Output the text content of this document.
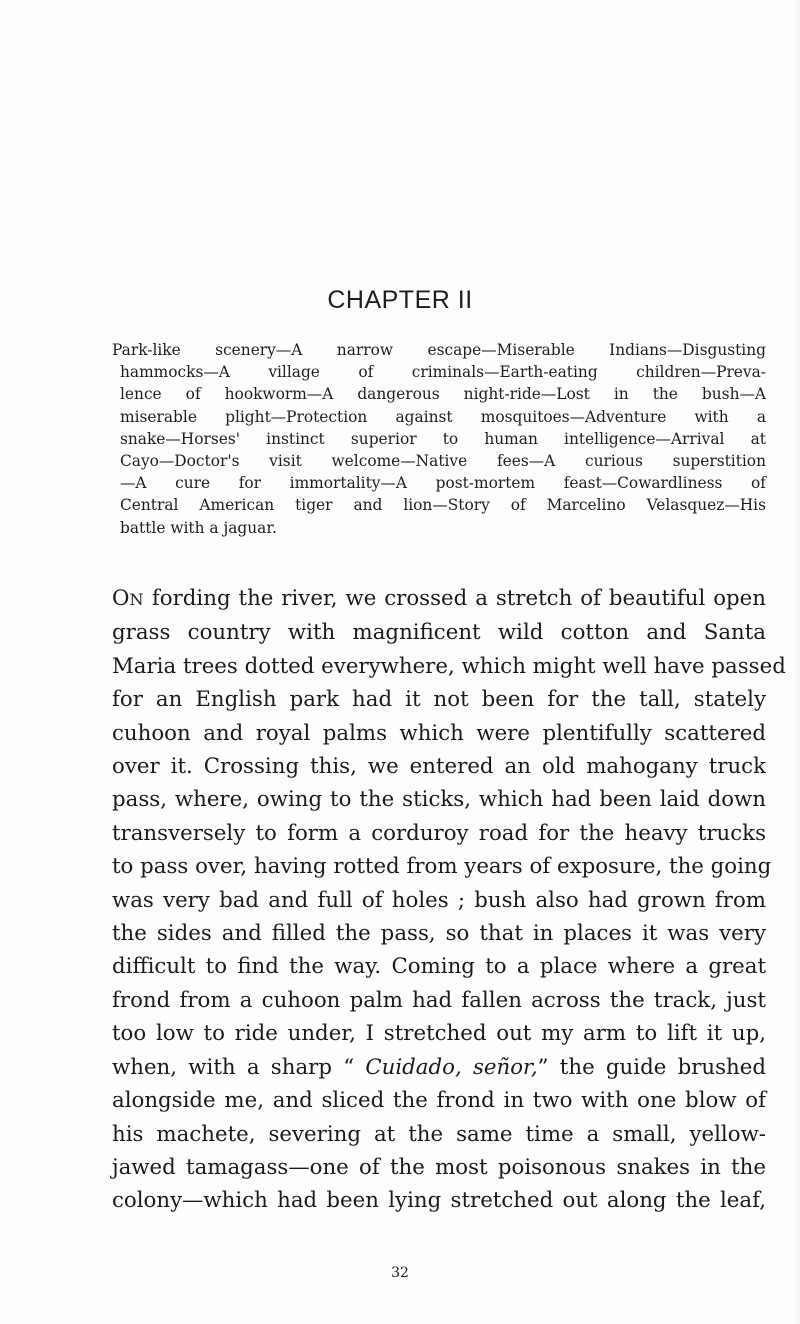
CHAPTER II
Park-like scenery—A narrow escape—Miserable Indians—Disgusting
hammocks—A village of criminals—Earth-eating children—Preva-
lence of hookworm—A dangerous night-ride—Lost in the bush—A
miserable plight—Protection against mosquitoes—Adventure with a
snake—Horses' instinct superior to human intelligence—Arrival at
Cayo—Doctor's visit welcome—Native fees—A curious superstition
—A cure for immortality—A post-mortem feast—Cowardliness of
Central American tiger and lion—Story of Marcelino Velasquez—His
battle with a jaguar.
ON fording the river, we crossed a stretch of beautiful open
grass country with magnificent wild cotton and Santa
Maria trees dotted everywhere, which might well have passed
for an English park had it not been for the tall, stately
cuhoon and royal palms which were plentifully scattered
over it. Crossing this, we entered an old mahogany truck
pass, where, owing to the sticks, which had been laid down
transversely to form a corduroy road for the heavy trucks
to pass over, having rotted from years of exposure, the going
was very bad and full of holes ; bush also had grown from
the sides and filled the pass, so that in places it was very
difficult to find the way. Coming to a place where a great
frond from a cuhoon palm had fallen across the track, just
too low to ride under, I stretched out my arm to lift it up,
when, with a sharp “ Cuidado, señor,” the guide brushed
alongside me, and sliced the frond in two with one blow of
his machete, severing at the same time a small, yellow-
jawed tamagass—one of the most poisonous snakes in the
colony—which had been lying stretched out along the leaf,
32
